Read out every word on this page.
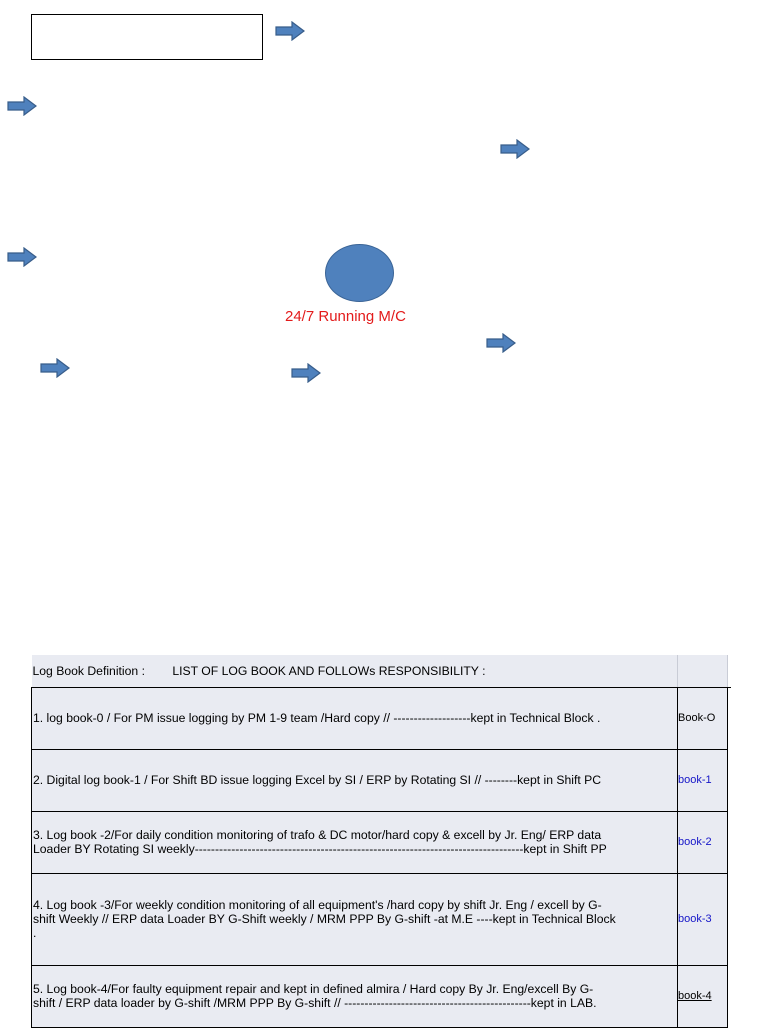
24/7 Running M/C
Log Book Definition : LIST OF LOG BOOK AND FOLLOWs RESPONSIBILITY :		

1. log book-0 / For PM issue logging by PM 1-9 team /Hard copy // -------------------kept in Technical Block .	Book-O	

2. Digital log book-1 / For Shift BD issue logging Excel by SI / ERP by Rotating SI // --------kept in Shift PC	book-1	

3. Log book -2/For daily condition monitoring of trafo & DC motor/hard copy & excell by Jr. Eng/ ERP data
Loader BY Rotating SI weekly---------------------------------------------------------------------------------kept in Shift PP	book-2	

4. Log book -3/For weekly condition monitoring of all equipment's /hard copy by shift Jr. Eng / excell by G-
shift Weekly // ERP data Loader BY G-Shift weekly / MRM PPP By G-shift -at M.E ----kept in Technical Block
.	book-3	

5. Log book-4/For faulty equipment repair and kept in defined almira / Hard copy By Jr. Eng/excell By G-
shift / ERP data loader by G-shift /MRM PPP By G-shift // ----------------------------------------------kept in LAB.	book-4	
